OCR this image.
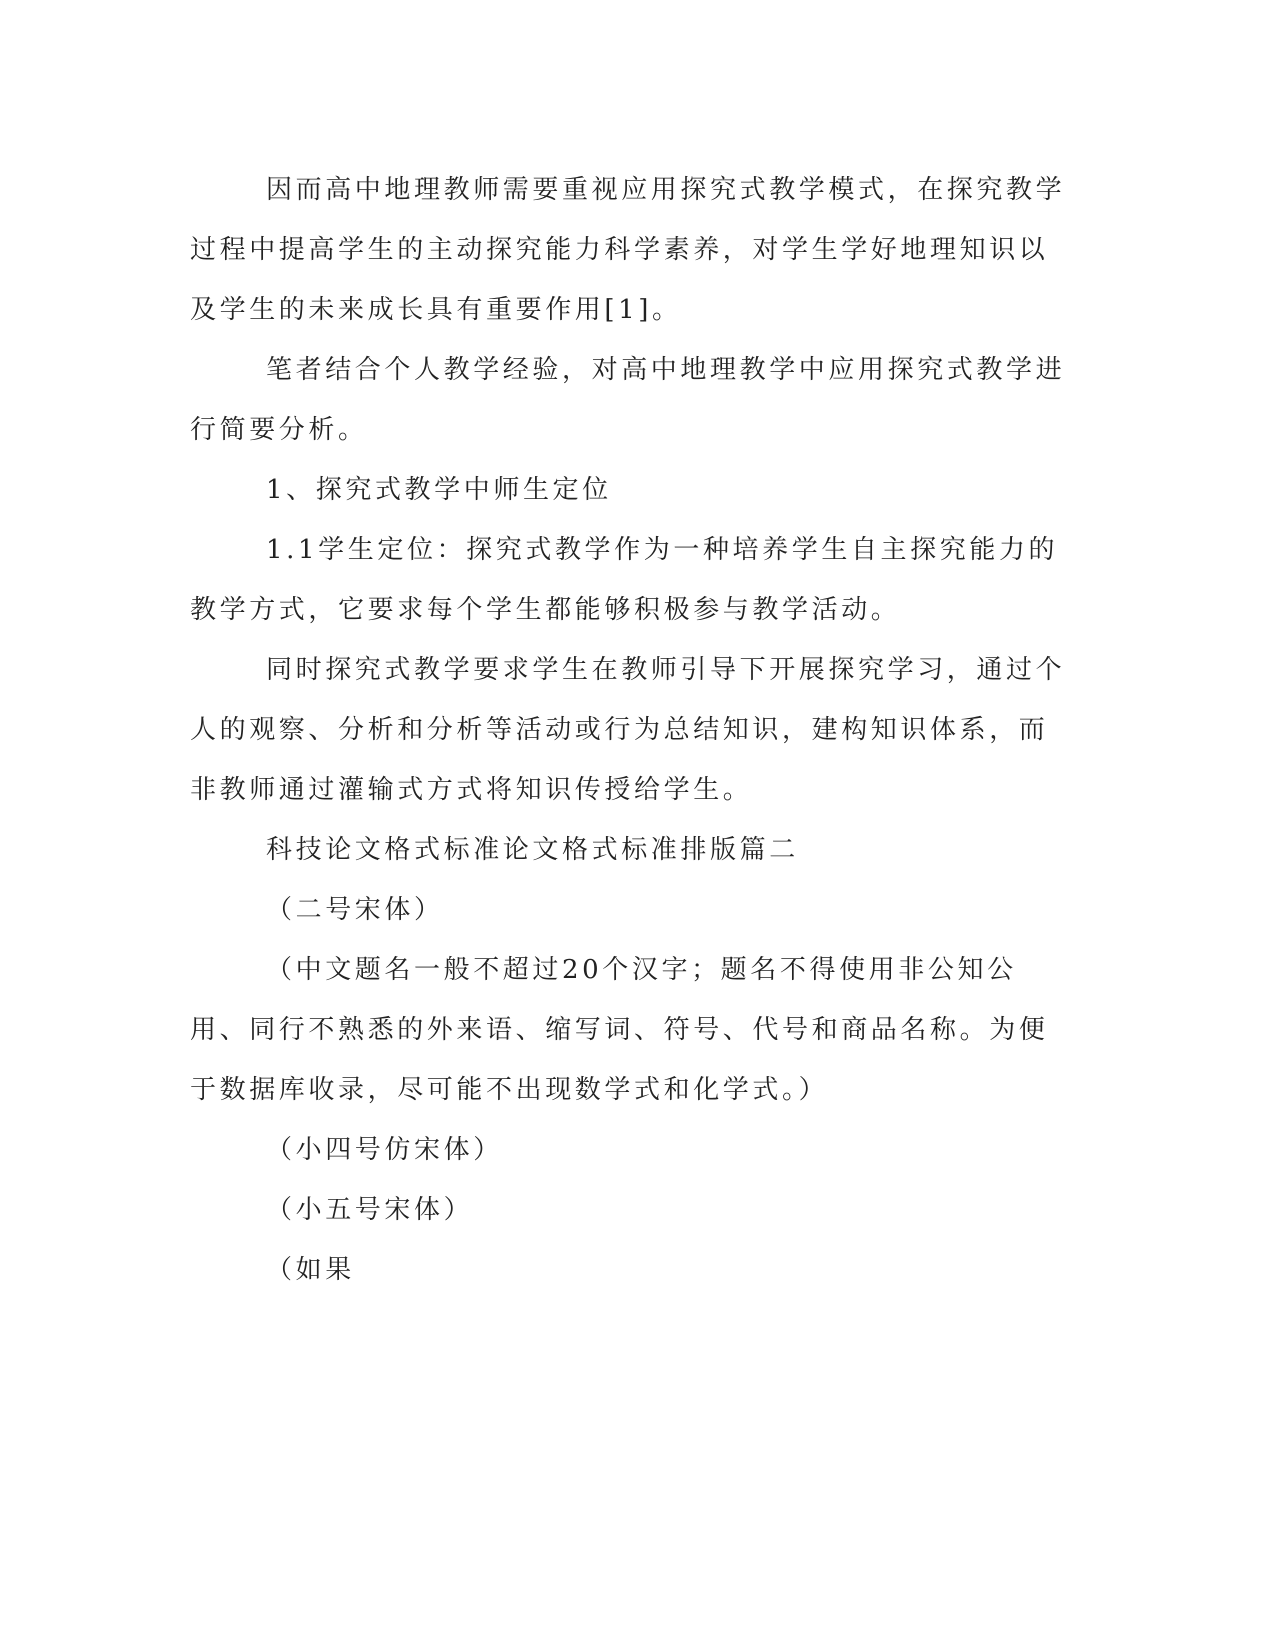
因而高中地理教师需要重视应用探究式教学模式，在探究教学过程中提高学生的主动探究能力科学素养，对学生学好地理知识以及学生的未来成长具有重要作用[1]。

笔者结合个人教学经验，对高中地理教学中应用探究式教学进行简要分析。

1、探究式教学中师生定位

1.1学生定位：探究式教学作为一种培养学生自主探究能力的教学方式，它要求每个学生都能够积极参与教学活动。

同时探究式教学要求学生在教师引导下开展探究学习，通过个人的观察、分析和分析等活动或行为总结知识，建构知识体系，而非教师通过灌输式方式将知识传授给学生。

科技论文格式标准论文格式标准排版篇二

（二号宋体）

（中文题名一般不超过20个汉字；题名不得使用非公知公用、同行不熟悉的外来语、缩写词、符号、代号和商品名称。为便于数据库收录，尽可能不出现数学式和化学式。）

（小四号仿宋体）

（小五号宋体）

（如果
